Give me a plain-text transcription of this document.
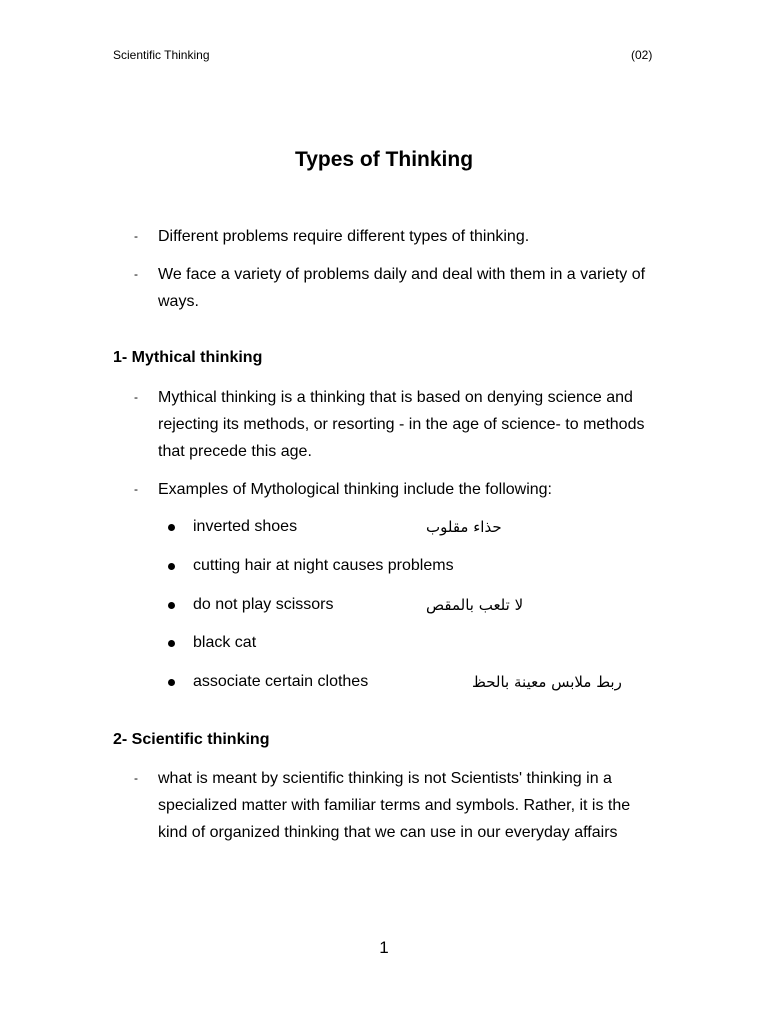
Scientific Thinking	(02)
Types of Thinking
-	Different problems require different types of thinking.
-	We face a variety of problems daily and deal with them in a variety of ways.
1- Mythical thinking
-	Mythical thinking is a thinking that is based on denying science and rejecting its methods, or resorting - in the age of science- to methods that precede this age.
-	Examples of Mythological thinking include the following:
inverted shoes	حذاء مقلوب
cutting hair at night causes problems
do not play scissors	لا تلعب بالمقص
black cat
associate certain clothes	ربط ملابس معينة بالحظ
2- Scientific thinking
-	what is meant by scientific thinking is not Scientists' thinking in a specialized matter with familiar terms and symbols. Rather, it is the kind of organized thinking that we can use in our everyday affairs
1
